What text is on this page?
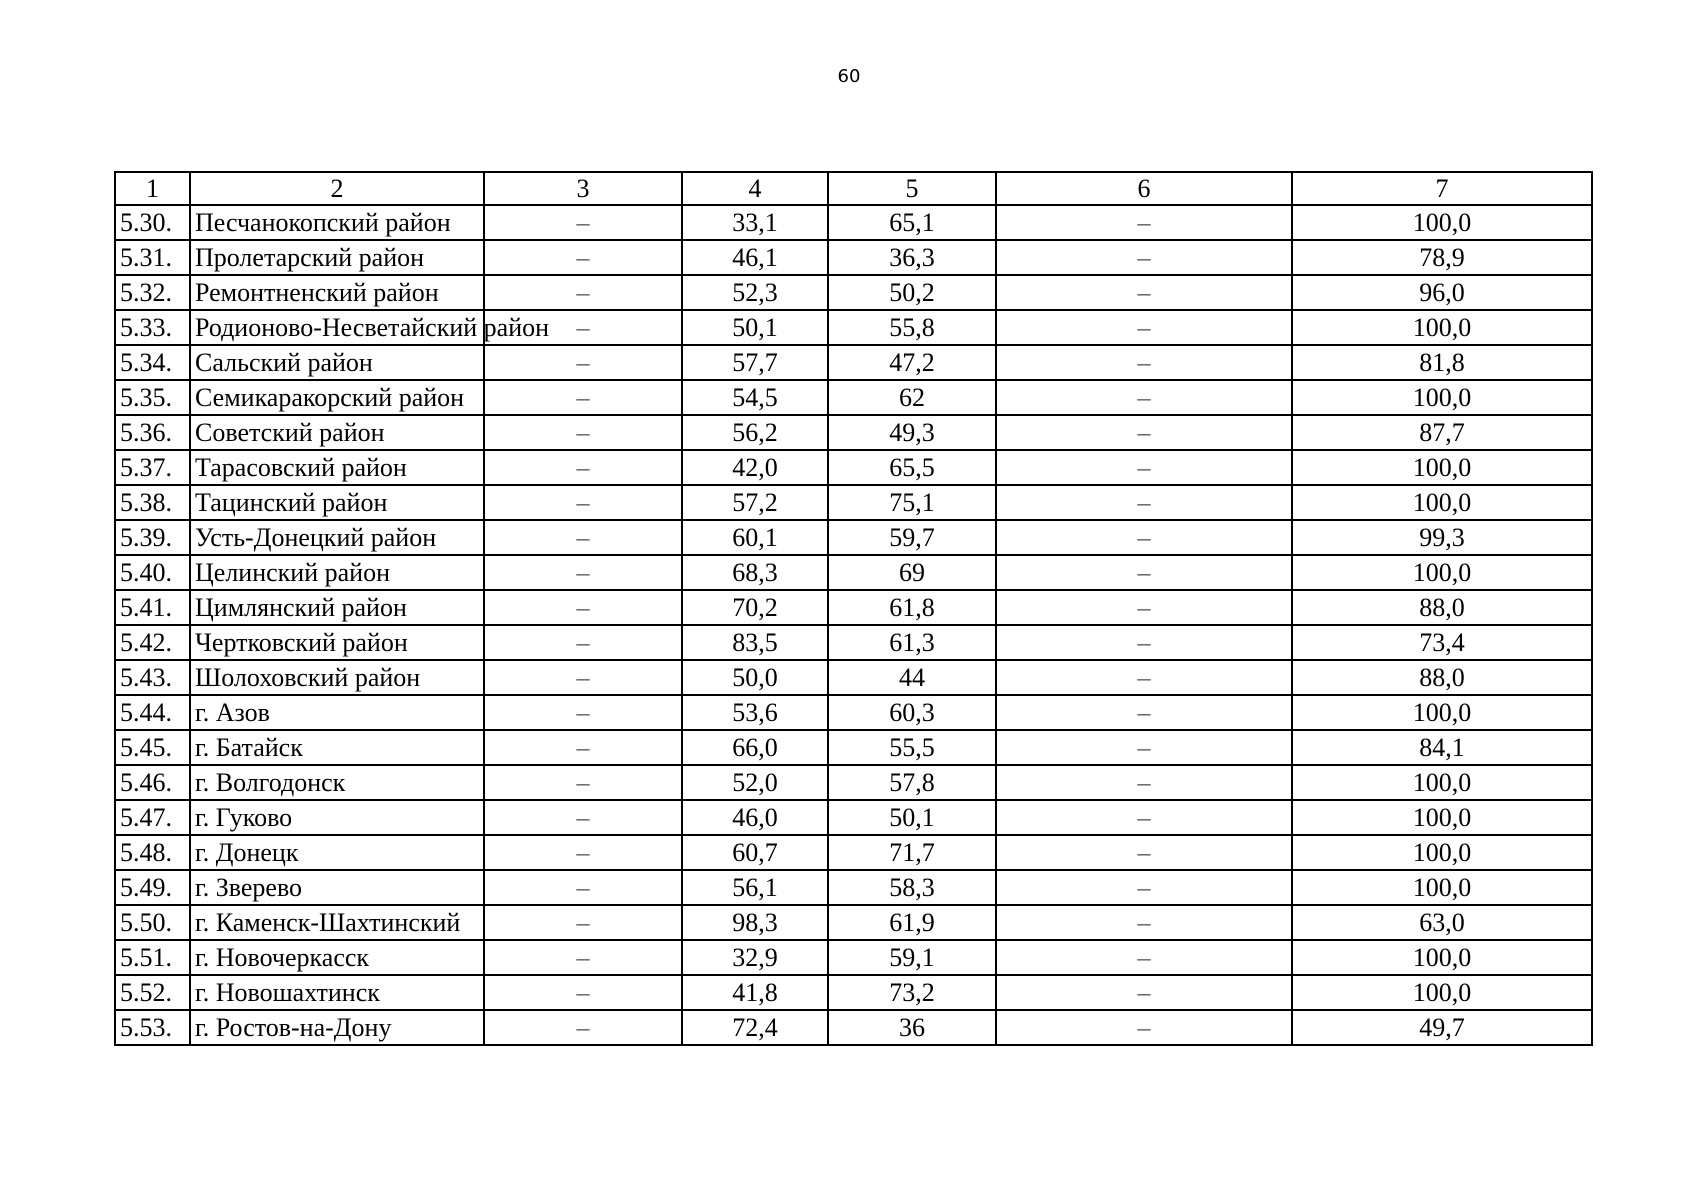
60
1	2	3	4	5	6	7
5.30.	Песчанокопский район	–	33,1	65,1	–	100,0
5.31.	Пролетарский район	–	46,1	36,3	–	78,9
5.32.	Ремонтненский район	–	52,3	50,2	–	96,0
5.33.	Родионово-Несветайский район	–	50,1	55,8	–	100,0
5.34.	Сальский район	–	57,7	47,2	–	81,8
5.35.	Семикаракорский район	–	54,5	62	–	100,0
5.36.	Советский район	–	56,2	49,3	–	87,7
5.37.	Тарасовский район	–	42,0	65,5	–	100,0
5.38.	Тацинский район	–	57,2	75,1	–	100,0
5.39.	Усть-Донецкий район	–	60,1	59,7	–	99,3
5.40.	Целинский район	–	68,3	69	–	100,0
5.41.	Цимлянский район	–	70,2	61,8	–	88,0
5.42.	Чертковский район	–	83,5	61,3	–	73,4
5.43.	Шолоховский район	–	50,0	44	–	88,0
5.44.	г. Азов	–	53,6	60,3	–	100,0
5.45.	г. Батайск	–	66,0	55,5	–	84,1
5.46.	г. Волгодонск	–	52,0	57,8	–	100,0
5.47.	г. Гуково	–	46,0	50,1	–	100,0
5.48.	г. Донецк	–	60,7	71,7	–	100,0
5.49.	г. Зверево	–	56,1	58,3	–	100,0
5.50.	г. Каменск-Шахтинский	–	98,3	61,9	–	63,0
5.51.	г. Новочеркасск	–	32,9	59,1	–	100,0
5.52.	г. Новошахтинск	–	41,8	73,2	–	100,0
5.53.	г. Ростов-на-Дону	–	72,4	36	–	49,7
